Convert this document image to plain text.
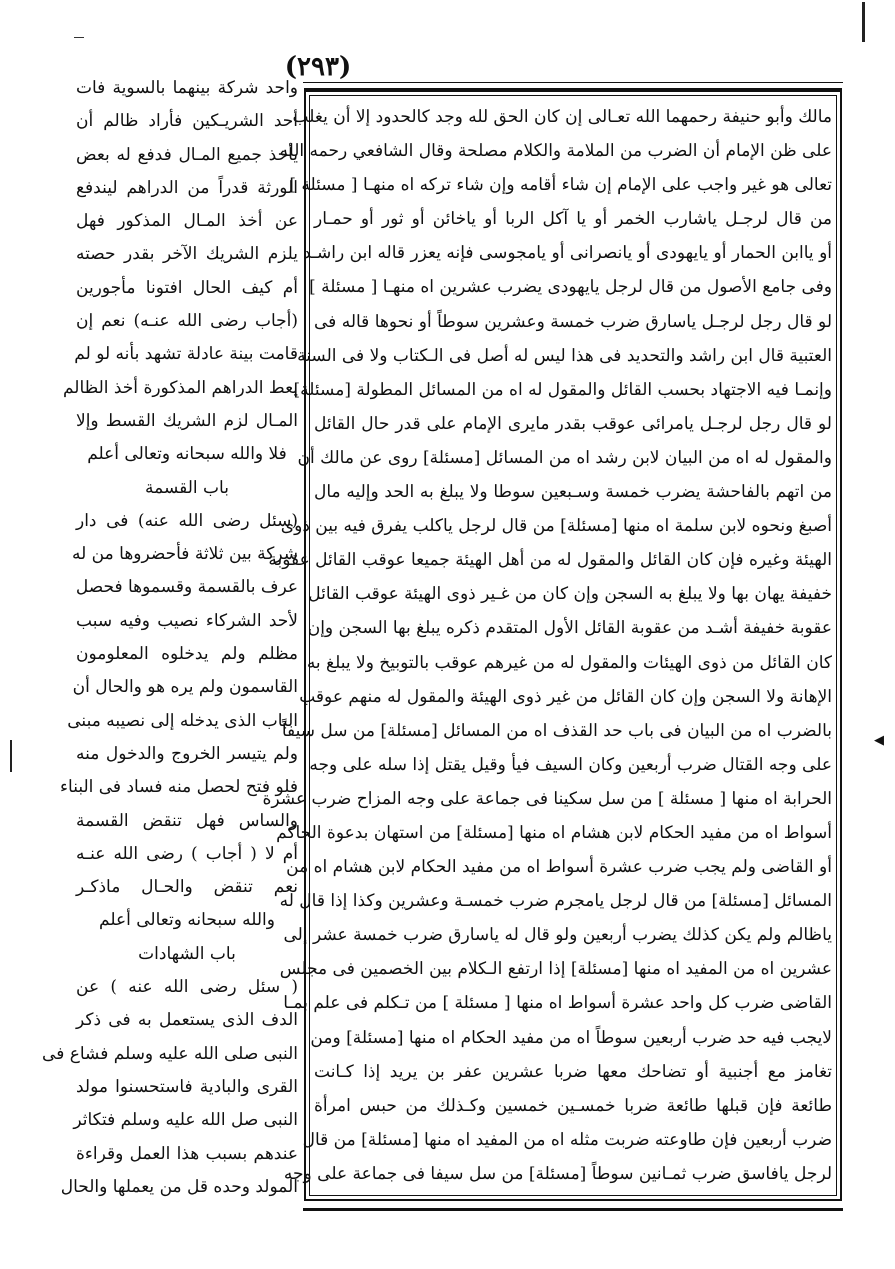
◀
(٢٩٣)
مالك وأبو حنيفة رحمهما الله تعـالى إن كان الحق لله وجد كالحدود إلا أن يغلب
على ظن الإمام أن الضرب من الملامة والكلام مصلحة وقال الشافعي رحمه الله
تعالى هو غير واجب على الإمام إن شاء أقامه وإن شاء تركه اه منهـا [ مسئلة ]
من قال لرجـل ياشارب الخمر أو يا آكل الربا أو ياخائن أو ثور أو حمـار
أو ياابن الحمار أو يايهودى أو يانصرانى أو يامجوسى فإنه يعزر قاله ابن راشـد
وفى جامع الأصول من قال لرجل يايهودى يضرب عشرين اه منهـا [ مسئلة ]
لو قال رجل لرجـل ياسارق ضرب خمسة وعشرين سوطاً أو نحوها قاله فى
العتبية قال ابن راشد والتحديد فى هذا ليس له أصل فى الـكتاب ولا فى السنة
وإنمـا فيه الاجتهاد بحسب القائل والمقول له اه من المسائل المطولة [مسئلة]
لو قال رجل لرجـل يامرائى عوقب بقدر مايرى الإمام على قدر حال القائل
والمقول له اه من البيان لابن رشد اه من المسائل [مسئلة] روى عن مالك أن
من اتهم بالفاحشة يضرب خمسة وسـبعين سوطا ولا يبلغ به الحد وإليه مال
أصبغ ونحوه لابن سلمة اه منها [مسئلة] من قال لرجل ياكلب يفرق فيه بين ذوى
الهيئة وغيره فإن كان القائل والمقول له من أهل الهيئة جميعا عوقب القائل عقوبة
خفيفة يهان بها ولا يبلغ به السجن وإن كان من غـير ذوى الهيئة عوقب القائل
عقوبة خفيفة أشـد من عقوبة القائل الأول المتقدم ذكره يبلغ بها السجن وإن
كان القائل من ذوى الهيئات والمقول له من غيرهم عوقب بالتوبيخ ولا يبلغ به
الإهانة ولا السجن وإن كان القائل من غير ذوى الهيئة والمقول له منهم عوقب
بالضرب اه من البيان فى باب حد القذف اه من المسائل [مسئلة] من سل سيفاً
على وجه القتال ضرب أربعين وكان السيف فيأ وقيل يقتل إذا سله على وجه
الحرابة اه منها [ مسئلة ] من سل سكينا فى جماعة على وجه المزاح ضرب عشرة
أسواط اه من مفيد الحكام لابن هشام اه منها [مسئلة] من استهان بدعوة الحاكم
أو القاضى ولم يجب ضرب عشرة أسواط اه من مفيد الحكام لابن هشام اه من
المسائل [مسئلة] من قال لرجل يامجرم ضرب خمسـة وعشرين وكذا إذا قال له
ياظالم ولم يكن كذلك يضرب أربعين ولو قال له ياسارق ضرب خمسة عشر إلى
عشرين اه من المفيد اه منها [مسئلة] إذا ارتفع الـكلام بين الخصمين فى مجلس
القاضى ضرب كل واحد عشرة أسواط اه منها [ مسئلة ] من تـكلم فى علم بمـا
لايجب فيه حد ضرب أربعين سوطاً اه من مفيد الحكام اه منها [مسئلة] ومن
تغامز مع أجنبية أو تضاحك معها ضربا عشرين عفر بن يريد إذا كـانت
طائعة فإن قبلها طائعة ضربا خمسـين خمسين وكـذلك من حبس امرأة
ضرب أربعين فإن طاوعته ضربت مثله اه من المفيد اه منها [مسئلة] من قال
لرجل يافاسق ضرب ثمـانين سوطاً [مسئلة] من سل سيفا فى جماعة على وجه
واحد شركة بينهما بالسوية فات
أحد الشريـكين فأراد ظالم أن
يأخذ جميع المـال فدفع له بعض
الورثة قدراً من الدراهم ليندفع
عن أخذ المـال المذكور فهل
يلزم الشريك الآخر بقدر حصته
أم كيف الحال افتونا مأجورين
(أجاب رضى الله عنـه) نعم إن
قامت بينة عادلة تشهد بأنه لو لم
يعط الدراهم المذكورة أخذ الظالم
المـال لزم الشريك القسط وإلا
فلا والله سبحانه وتعالى أعلم
باب القسمة
(سئل رضى الله عنه) فى دار
شركة بين ثلاثة فأحضروها من له
عرف بالقسمة وقسموها فحصل
لأحد الشركاء نصيب وفيه سبب
مظلم ولم يدخلوه المعلومون
القاسمون ولم يره هو والحال أن
الباب الذى يدخله إلى نصيبه مبنى
ولم يتيسر الخروج والدخول منه
فلو فتح لحصل منه فساد فى البناء
والساس فهل تنقض القسمة
أم لا ( أجاب ) رضى الله عنـه
نعم تنقض والحـال ماذكـر
والله سبحانه وتعالى أعلم
باب الشهادات
( سئل رضى الله عنه ) عن
الدف الذى يستعمل به فى ذكر
النبى صلى الله عليه وسلم فشاع فى
القرى والبادية فاستحسنوا مولد
النبى صل الله عليه وسلم فتكاثر
عندهم بسبب هذا العمل وقراءة
المولد وحده قل من يعملها والحال
